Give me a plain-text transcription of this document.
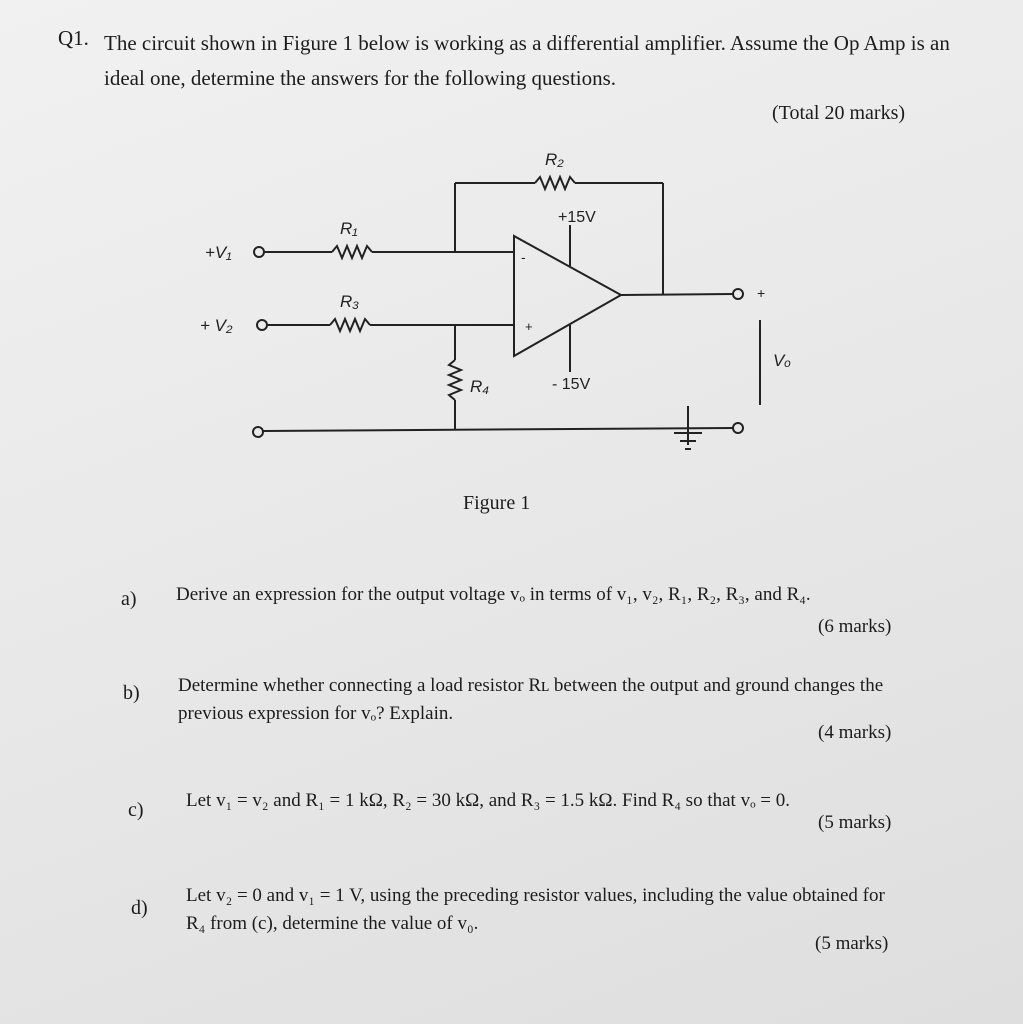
Q1. The circuit shown in Figure 1 below is working as a differential amplifier. Assume the Op Amp is an ideal one, determine the answers for the following questions.
(Total 20 marks)
+V₁
+ V₂
R₁
R₂
R₃
R₄
+15V
- 15V
-
+
+
Vₒ
Figure 1
a) Derive an expression for the output voltage vₒ in terms of v₁, v₂, R₁, R₂, R₃, and R₄.
(6 marks)
b) Determine whether connecting a load resistor Rʟ between the output and ground changes the previous expression for vₒ? Explain.
(4 marks)
c) Let v₁ = v₂ and R₁ = 1 kΩ, R₂ = 30 kΩ, and R₃ = 1.5 kΩ. Find R₄ so that vₒ = 0.
(5 marks)
d)
Let v₂ = 0 and v₁ = 1 V, using the preceding resistor values, including the value obtained for R₄ from (c), determine the value of v₀.
(5 marks)
